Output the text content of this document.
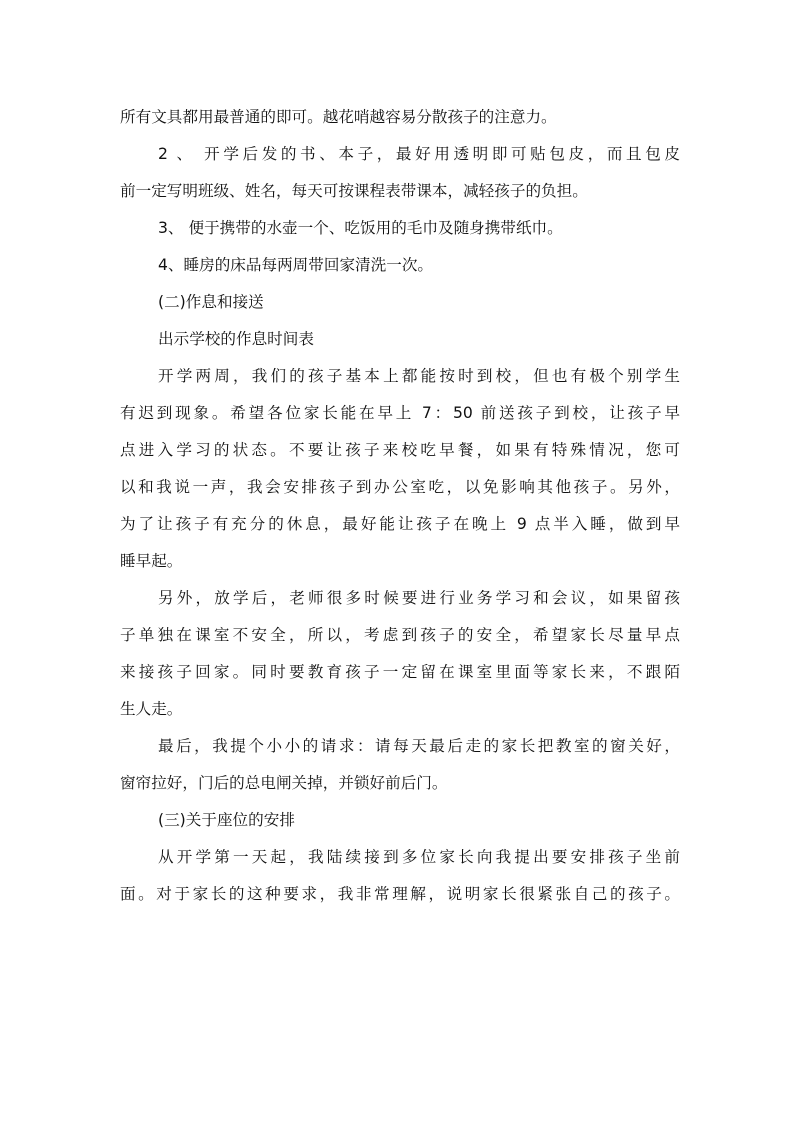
所有文具都用最普通的即可。越花哨越容易分散孩子的注意力。

2 、 开学后发的书、本子，最好用透明即可贴包皮，而且包皮

前一定写明班级、姓名，每天可按课程表带课本，减轻孩子的负担。

3、 便于携带的水壶一个、吃饭用的毛巾及随身携带纸巾。

4、睡房的床品每两周带回家清洗一次。

(二)作息和接送

出示学校的作息时间表

开学两周，我们的孩子基本上都能按时到校，但也有极个别学生

有迟到现象。希望各位家长能在早上 7：50 前送孩子到校，让孩子早

点进入学习的状态。不要让孩子来校吃早餐，如果有特殊情况，您可

以和我说一声，我会安排孩子到办公室吃，以免影响其他孩子。另外，

为了让孩子有充分的休息，最好能让孩子在晚上 9 点半入睡，做到早

睡早起。

另外，放学后，老师很多时候要进行业务学习和会议，如果留孩

子单独在课室不安全，所以，考虑到孩子的安全，希望家长尽量早点

来接孩子回家。同时要教育孩子一定留在课室里面等家长来，不跟陌

生人走。

最后，我提个小小的请求：请每天最后走的家长把教室的窗关好，

窗帘拉好，门后的总电闸关掉，并锁好前后门。

(三)关于座位的安排

从开学第一天起，我陆续接到多位家长向我提出要安排孩子坐前

面。对于家长的这种要求，我非常理解，说明家长很紧张自己的孩子。
